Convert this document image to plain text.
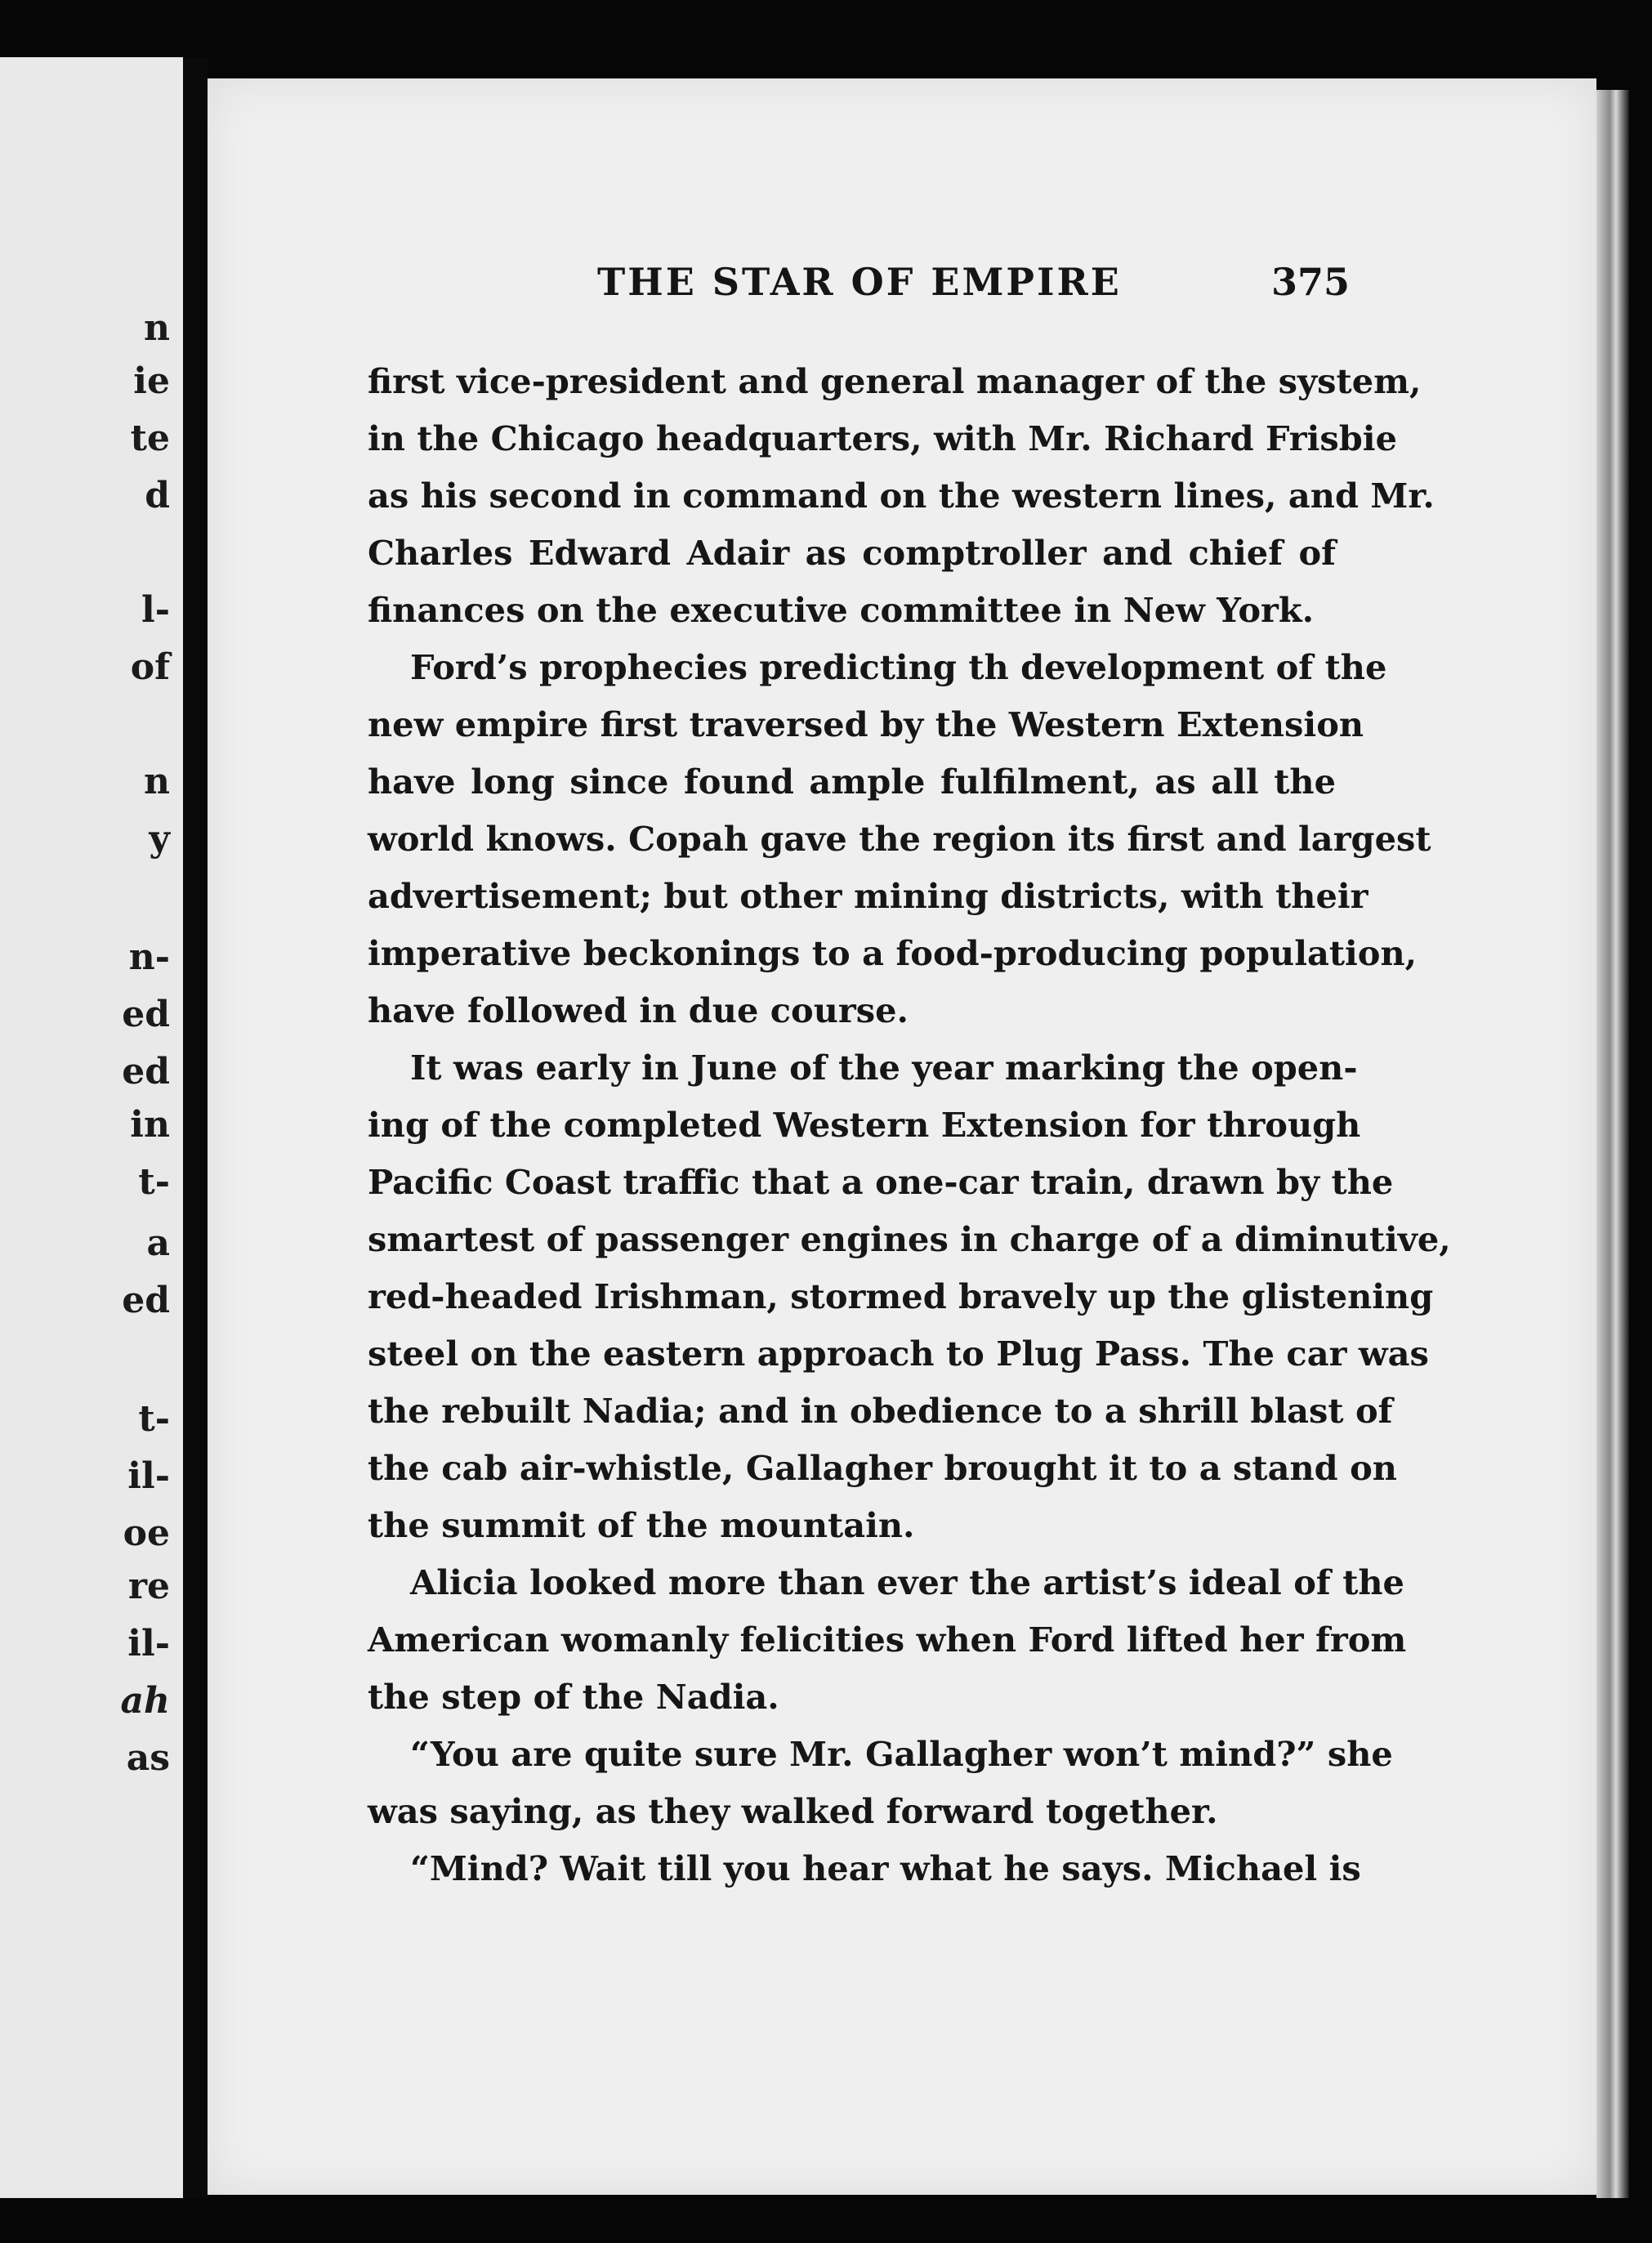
n
ie
te
d
l-
of
n
y
n-
ed
ed
in
t-
a
ed
t-
il-
oe
re
il-
ah
as
THE STAR OF EMPIRE	375

first vice-president and general manager of the system,
in the Chicago headquarters, with Mr. Richard Frisbie
as his second in command on the western lines, and Mr.
Charles Edward Adair as comptroller and chief of
finances on the executive committee in New York.

Ford’s prophecies predicting th development of the
new empire first traversed by the Western Extension
have long since found ample fulfilment, as all the
world knows. Copah gave the region its first and largest
advertisement; but other mining districts, with their
imperative beckonings to a food-producing population,
have followed in due course.

It was early in June of the year marking the open-
ing of the completed Western Extension for through
Pacific Coast traffic that a one-car train, drawn by the
smartest of passenger engines in charge of a diminutive,
red-headed Irishman, stormed bravely up the glistening
steel on the eastern approach to Plug Pass. The car was
the rebuilt Nadia; and in obedience to a shrill blast of
the cab air-whistle, Gallagher brought it to a stand on
the summit of the mountain.

Alicia looked more than ever the artist’s ideal of the
American womanly felicities when Ford lifted her from
the step of the Nadia.

“You are quite sure Mr. Gallagher won’t mind?” she
was saying, as they walked forward together.

“Mind? Wait till you hear what he says. Michael is
